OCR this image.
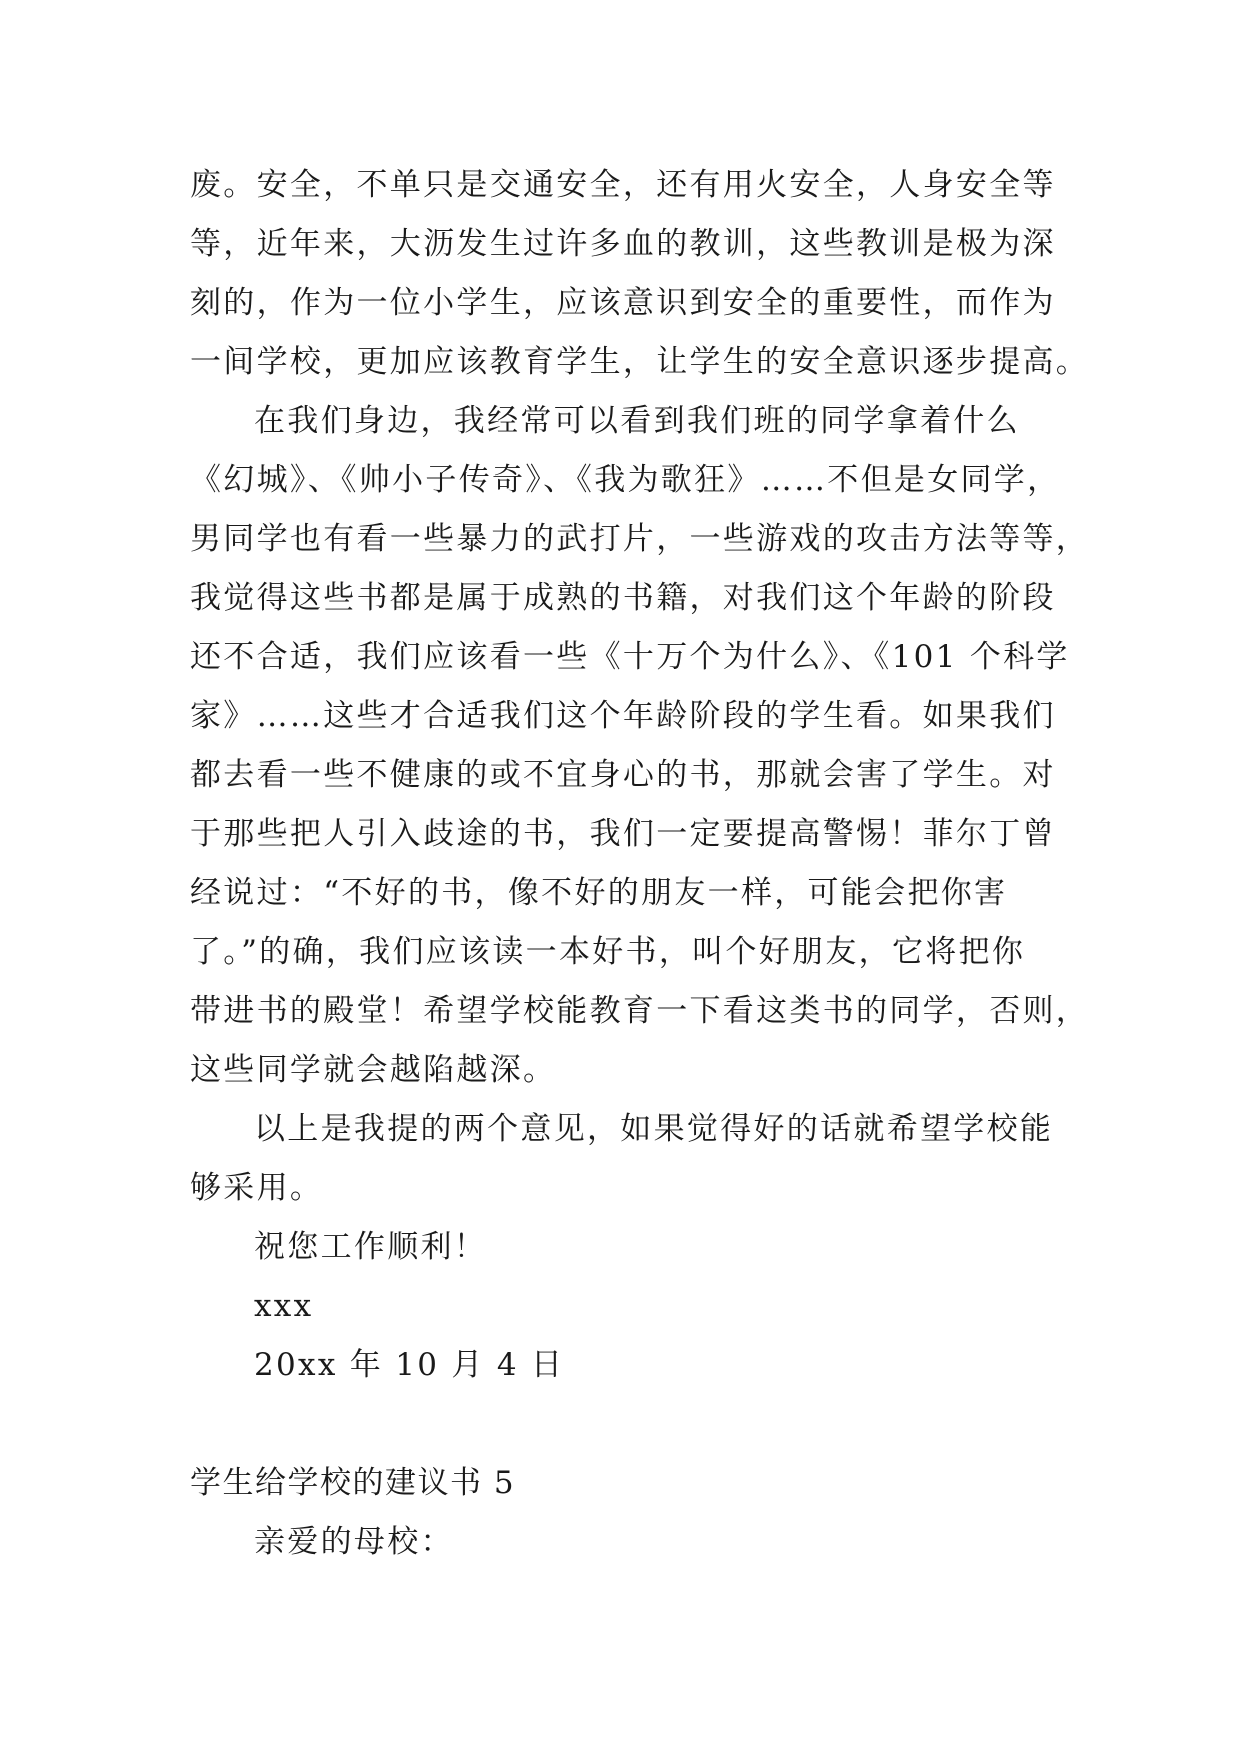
废。安全，不单只是交通安全，还有用火安全，人身安全等
等，近年来，大沥发生过许多血的教训，这些教训是极为深
刻的，作为一位小学生，应该意识到安全的重要性，而作为
一间学校，更加应该教育学生，让学生的安全意识逐步提高。
在我们身边，我经常可以看到我们班的同学拿着什么
《幻城》、《帅小子传奇》、《我为歌狂》……不但是女同学，
男同学也有看一些暴力的武打片，一些游戏的攻击方法等等，
我觉得这些书都是属于成熟的书籍，对我们这个年龄的阶段
还不合适，我们应该看一些《十万个为什么》、《101 个科学
家》……这些才合适我们这个年龄阶段的学生看。如果我们
都去看一些不健康的或不宜身心的书，那就会害了学生。对
于那些把人引入歧途的书，我们一定要提高警惕！菲尔丁曾
经说过：“不好的书，像不好的朋友一样，可能会把你害
了。”的确，我们应该读一本好书，叫个好朋友，它将把你
带进书的殿堂！希望学校能教育一下看这类书的同学，否则，
这些同学就会越陷越深。
以上是我提的两个意见，如果觉得好的话就希望学校能
够采用。
祝您工作顺利！
xxx
20xx 年 10 月 4 日
学生给学校的建议书 5
亲爱的母校：
